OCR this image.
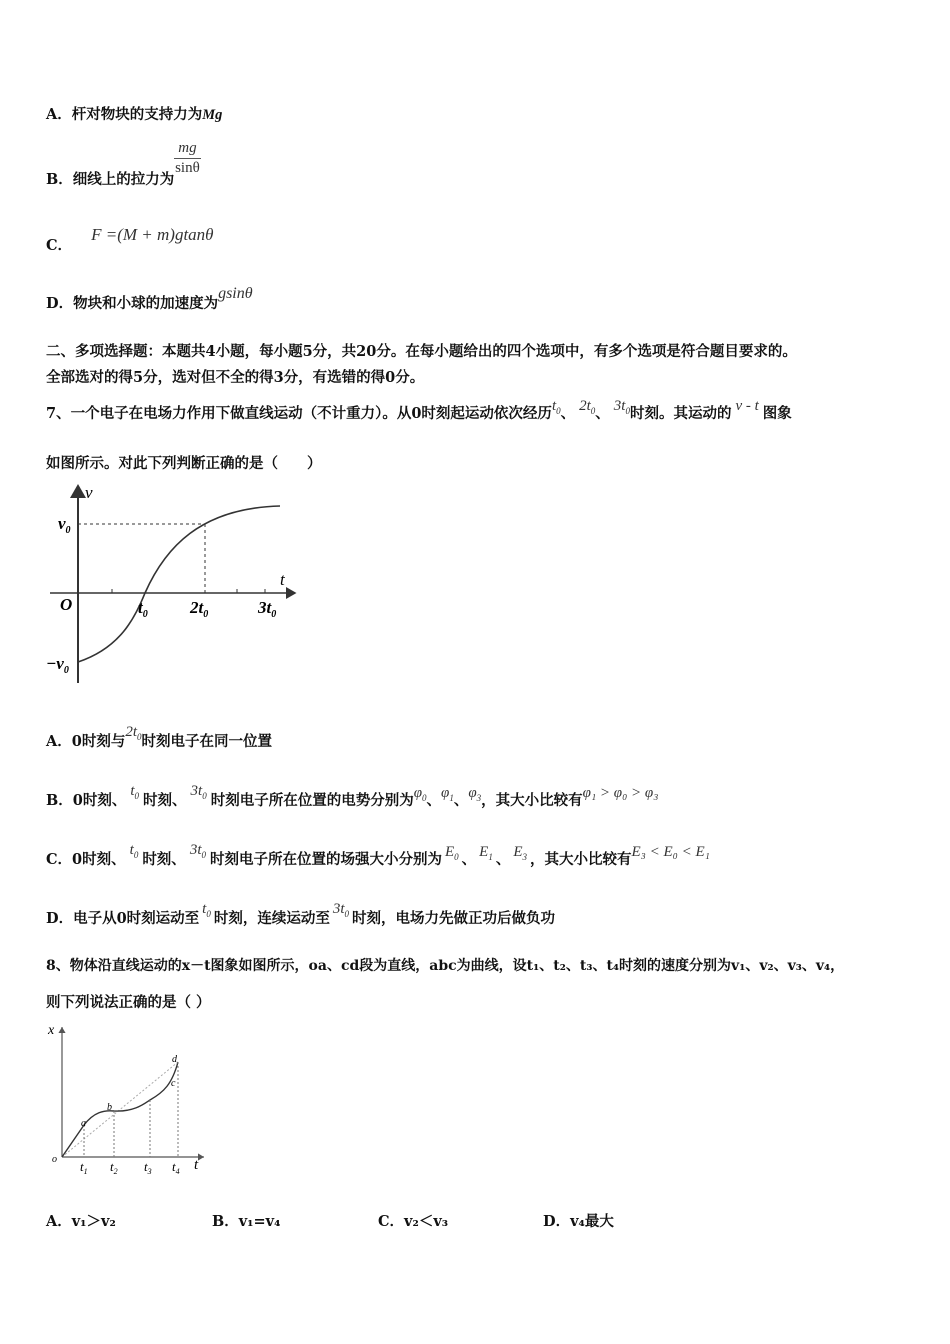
A．杆对物块的支持力为Mg
B．细线上的拉力为
$\frac{mg}{\sin\theta}$
C． F =(M + m)gtanθ
D．物块和小球的加速度为gsinθ
二、多项选择题：本题共4小题，每小题5分，共20分。在每小题给出的四个选项中，有多个选项是符合题目要求的。
全部选对的得5分，选对但不全的得3分，有选错的得0分。
7、一个电子在电场力作用下做直线运动（不计重力）。从0时刻起运动依次经历$t_0$、 $2t_0$、 $3t_0$时刻。其运动的 v - t 图象
如图所示。对此下列判断正确的是（　　）
v
t
O
$v_0$
$-v_0$
$t_0$ $2t_0$	$3t_0$
A．0时刻与$2t_0$时刻电子在同一位置
B．0时刻、$t_0$ 时刻、$3t_0$ 时刻电子所在位置的电势分别为$\varphi_0$、$\varphi_1$、$\varphi_3$，其大小比较有φ₁ > φ₀ > φ₃
C．0时刻、$t_0$ 时刻、$3t_0$ 时刻电子所在位置的场强大小分别为 $E_0$ 、 $E_1$ 、 $E_3$ ，其大小比较有E₃ < E₀ < E₁
D．电子从0时刻运动至$t_0$ 时刻，连续运动至$3t_0$ 时刻，电场力先做正功后做负功
8、物体沿直线运动的x－t图象如图所示，oa、cd段为直线，abc为曲线，设t₁、t₂、t₃、t₄时刻的速度分别为v₁、v₂、v₃、v₄，
则下列说法正确的是（ ）
x
t
o
a
b
c
d
$t_1$ $t_2$ $t_3$ $t_4$
A．v₁＞v₂	B．v₁=v₄	C．v₂＜v₃	D．v₄最大
